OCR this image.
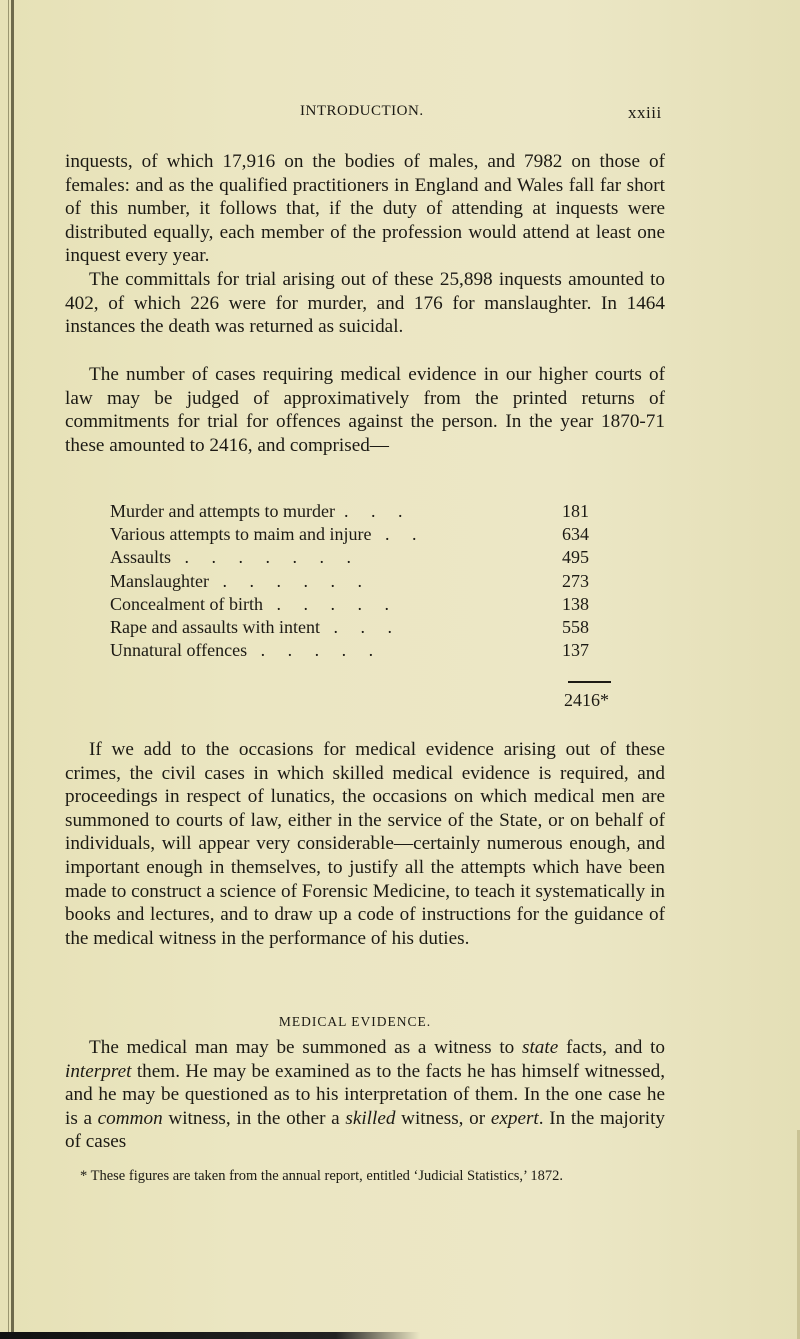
INTRODUCTION.	xxiii

inquests, of which 17,916 on the bodies of males, and 7982 on those of females: and as the qualified practitioners in England and Wales fall far short of this number, it follows that, if the duty of attending at inquests were distributed equally, each member of the profession would attend at least one inquest every year.

The committals for trial arising out of these 25,898 inquests amounted to 402, of which 226 were for murder, and 176 for manslaughter. In 1464 instances the death was returned as suicidal.

The number of cases requiring medical evidence in our higher courts of law may be judged of approximatively from the printed returns of commitments for trial for offences against the person. In the year 1870-71 these amounted to 2416, and comprised—

Murder and attempts to murder  .     .     .	181
Various attempts to maim and injure   .     .	634
Assaults   .     .     .     .     .     .     .	495
Manslaughter   .     .     .     .     .     .	273
Concealment of birth   .     .     .     .     .	138
Rape and assaults with intent   .     .     .	558
Unnatural offences   .     .     .     .     .	137
2416*

If we add to the occasions for medical evidence arising out of these crimes, the civil cases in which skilled medical evidence is required, and proceedings in respect of lunatics, the occasions on which medical men are summoned to courts of law, either in the service of the State, or on behalf of individuals, will appear very considerable—certainly numerous enough, and important enough in themselves, to justify all the attempts which have been made to construct a science of Forensic Medicine, to teach it systematically in books and lectures, and to draw up a code of instructions for the guidance of the medical witness in the performance of his duties.

MEDICAL EVIDENCE.

The medical man may be summoned as a witness to state facts, and to interpret them. He may be examined as to the facts he has himself witnessed, and he may be questioned as to his interpretation of them. In the one case he is a common witness, in the other a skilled witness, or expert. In the majority of cases

* These figures are taken from the annual report, entitled ‘Judicial Statistics,’ 1872.
